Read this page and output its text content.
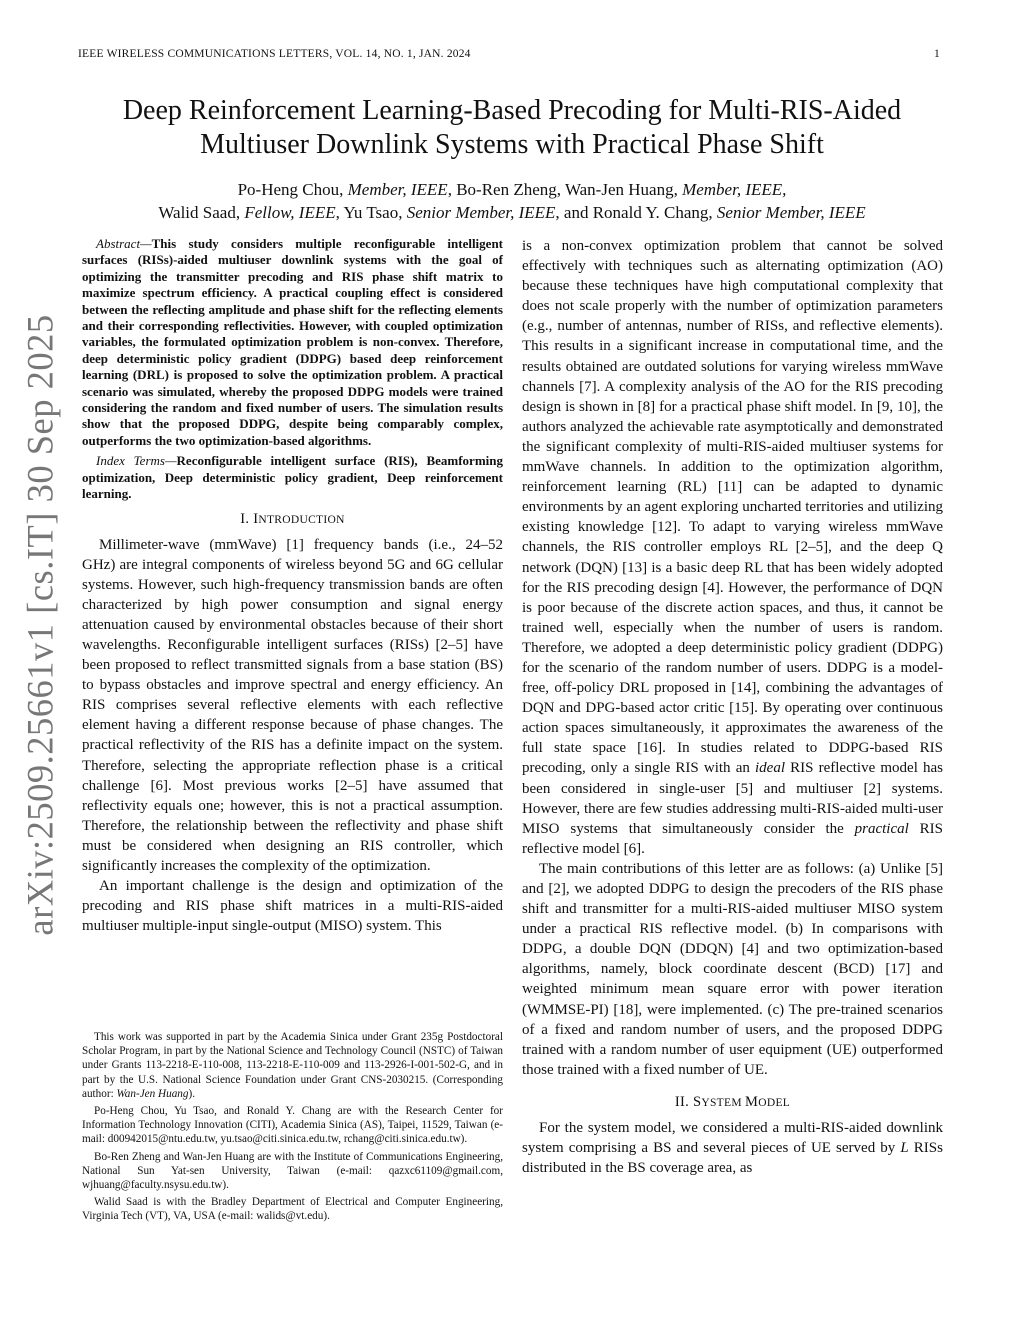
IEEE WIRELESS COMMUNICATIONS LETTERS, VOL. 14, NO. 1, JAN. 2024	1
Deep Reinforcement Learning-Based Precoding for Multi-RIS-Aided
Multiuser Downlink Systems with Practical Phase Shift
Po-Heng Chou, Member, IEEE, Bo-Ren Zheng, Wan-Jen Huang, Member, IEEE,
Walid Saad, Fellow, IEEE, Yu Tsao, Senior Member, IEEE, and Ronald Y. Chang, Senior Member, IEEE
arXiv:2509.25661v1 [cs.IT] 30 Sep 2025

Abstract—This study considers multiple reconfigurable intelligent surfaces (RISs)-aided multiuser downlink systems with the goal of optimizing the transmitter precoding and RIS phase shift matrix to maximize spectrum efficiency. A practical coupling effect is considered between the reflecting amplitude and phase shift for the reflecting elements and their corresponding reflectivities. However, with coupled optimization variables, the formulated optimization problem is non-convex. Therefore, deep deterministic policy gradient (DDPG) based deep reinforcement learning (DRL) is proposed to solve the optimization problem. A practical scenario was simulated, whereby the proposed DDPG models were trained considering the random and fixed number of users. The simulation results show that the proposed DDPG, despite being comparably complex, outperforms the two optimization-based algorithms.

Index Terms—Reconfigurable intelligent surface (RIS), Beamforming optimization, Deep deterministic policy gradient, Deep reinforcement learning.

I. INTRODUCTION

Millimeter-wave (mmWave) [1] frequency bands (i.e., 24–52 GHz) are integral components of wireless beyond 5G and 6G cellular systems. However, such high-frequency transmission bands are often characterized by high power consumption and signal energy attenuation caused by environmental obstacles because of their short wavelengths. Reconfigurable intelligent surfaces (RISs) [2–5] have been proposed to reflect transmitted signals from a base station (BS) to bypass obstacles and improve spectral and energy efficiency. An RIS comprises several reflective elements with each reflective element having a different response because of phase changes. The practical reflectivity of the RIS has a definite impact on the system. Therefore, selecting the appropriate reflection phase is a critical challenge [6]. Most previous works [2–5] have assumed that reflectivity equals one; however, this is not a practical assumption. Therefore, the relationship between the reflectivity and phase shift must be considered when designing an RIS controller, which significantly increases the complexity of the optimization.

An important challenge is the design and optimization of the precoding and RIS phase shift matrices in a multi-RIS-aided multiuser multiple-input single-output (MISO) system. This

This work was supported in part by the Academia Sinica under Grant 235g Postdoctoral Scholar Program, in part by the National Science and Technology Council (NSTC) of Taiwan under Grants 113-2218-E-110-008, 113-2218-E-110-009 and 113-2926-I-001-502-G, and in part by the U.S. National Science Foundation under Grant CNS-2030215. (Corresponding author: Wan-Jen Huang).

Po-Heng Chou, Yu Tsao, and Ronald Y. Chang are with the Research Center for Information Technology Innovation (CITI), Academia Sinica (AS), Taipei, 11529, Taiwan (e-mail: d00942015@ntu.edu.tw, yu.tsao@citi.sinica.edu.tw, rchang@citi.sinica.edu.tw).

Bo-Ren Zheng and Wan-Jen Huang are with the Institute of Communications Engineering, National Sun Yat-sen University, Taiwan (e-mail: qazxc61109@gmail.com, wjhuang@faculty.nsysu.edu.tw).

Walid Saad is with the Bradley Department of Electrical and Computer Engineering, Virginia Tech (VT), VA, USA (e-mail: walids@vt.edu).

is a non-convex optimization problem that cannot be solved effectively with techniques such as alternating optimization (AO) because these techniques have high computational complexity that does not scale properly with the number of optimization parameters (e.g., number of antennas, number of RISs, and reflective elements). This results in a significant increase in computational time, and the results obtained are outdated solutions for varying wireless mmWave channels [7]. A complexity analysis of the AO for the RIS precoding design is shown in [8] for a practical phase shift model. In [9, 10], the authors analyzed the achievable rate asymptotically and demonstrated the significant complexity of multi-RIS-aided multiuser systems for mmWave channels. In addition to the optimization algorithm, reinforcement learning (RL) [11] can be adapted to dynamic environments by an agent exploring uncharted territories and utilizing existing knowledge [12]. To adapt to varying wireless mmWave channels, the RIS controller employs RL [2–5], and the deep Q network (DQN) [13] is a basic deep RL that has been widely adopted for the RIS precoding design [4]. However, the performance of DQN is poor because of the discrete action spaces, and thus, it cannot be trained well, especially when the number of users is random. Therefore, we adopted a deep deterministic policy gradient (DDPG) for the scenario of the random number of users. DDPG is a model-free, off-policy DRL proposed in [14], combining the advantages of DQN and DPG-based actor critic [15]. By operating over continuous action spaces simultaneously, it approximates the awareness of the full state space [16]. In studies related to DDPG-based RIS precoding, only a single RIS with an ideal RIS reflective model has been considered in single-user [5] and multiuser [2] systems. However, there are few studies addressing multi-RIS-aided multi-user MISO systems that simultaneously consider the practical RIS reflective model [6].

The main contributions of this letter are as follows: (a) Unlike [5] and [2], we adopted DDPG to design the precoders of the RIS phase shift and transmitter for a multi-RIS-aided multiuser MISO system under a practical RIS reflective model. (b) In comparisons with DDPG, a double DQN (DDQN) [4] and two optimization-based algorithms, namely, block coordinate descent (BCD) [17] and weighted minimum mean square error with power iteration (WMMSE-PI) [18], were implemented. (c) The pre-trained scenarios of a fixed and random number of users, and the proposed DDPG trained with a random number of user equipment (UE) outperformed those trained with a fixed number of UE.

II. SYSTEM MODEL

For the system model, we considered a multi-RIS-aided downlink system comprising a BS and several pieces of UE served by L RISs distributed in the BS coverage area, as
